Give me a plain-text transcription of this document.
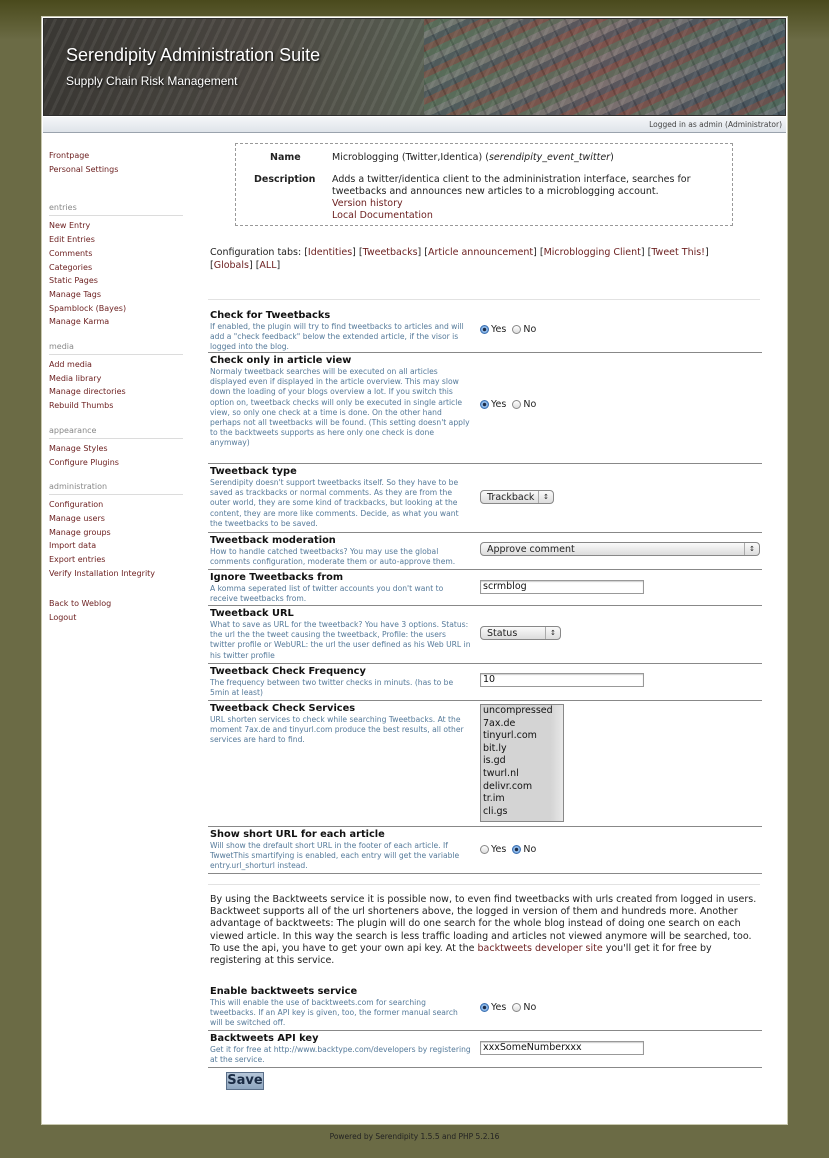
Serendipity Administration Suite
Supply Chain Risk Management
Logged in as admin (Administrator)
Frontpage
Personal Settings
entries
New Entry
Edit Entries
Comments
Categories
Static Pages
Manage Tags
Spamblock (Bayes)
Manage Karma
media
Add media
Media library
Manage directories
Rebuild Thumbs
appearance
Manage Styles
Configure Plugins
administration
Configuration
Manage users
Manage groups
Import data
Export entries
Verify Installation Integrity
Back to Weblog
Logout
Name	Microblogging (Twitter,Identica) (serendipity_event_twitter)
Description Adds a twitter/identica client to the admininistration interface, searches for tweetbacks and announces new articles to a microblogging account.
Version history
Local Documentation
Configuration tabs: [Identities] [Tweetbacks] [Article announcement] [Microblogging Client] [Tweet This!]
[Globals] [ALL]
Check for Tweetbacks
If enabled, the plugin will try to find tweetbacks to articles and will add a "check feedback" below the extended article, if the visor is logged into the blog.
Yes No
Check only in article view
Normaly tweetback searches will be executed on all articles displayed even if displayed in the article overview. This may slow down the loading of your blogs overview a lot. If you switch this option on, tweetback checks will only be executed in single article view, so only one check at a time is done. On the other hand perhaps not all tweetbacks will be found. (This setting doesn't apply to the backtweets supports as here only one check is done anymway)
Yes No
Tweetback type
Serendipity doesn't support tweetbacks itself. So they have to be saved as trackbacks or normal comments. As they are from the outer world, they are some kind of trackbacks, but looking at the content, they are more like comments. Decide, as what you want the tweetbacks to be saved.
Trackback	↕
Tweetback moderation
How to handle catched tweetbacks? You may use the global comments configuration, moderate them or auto-approve them.
Approve comment	↕
Ignore Tweetbacks from
A komma seperated list of twitter accounts you don't want to receive tweetbacks from.
scrmblog
Tweetback URL
What to save as URL for the tweetback? You have 3 options. Status: the url the the tweet causing the tweetback, Profile: the users twitter profile or WebURL: the url the user defined as his Web URL in his twitter profile
Status	↕
Tweetback Check Frequency
The frequency between two twitter checks in minuts. (has to be 5min at least)
10
Tweetback Check Services
URL shorten services to check while searching Tweetbacks. At the moment 7ax.de and tinyurl.com produce the best results, all other services are hard to find.
uncompressed
7ax.de
tinyurl.com
bit.ly
is.gd
twurl.nl
delivr.com
tr.im
cli.gs
Show short URL for each article
Will show the drefault short URL in the footer of each article. If TwwetThis smartifying is enabled, each entry will get the variable entry.url_shorturl instead.
Yes No
By using the Backtweets service it is possible now, to even find tweetbacks with urls created from logged in users. Backtweet supports all of the url shorteners above, the logged in version of them and hundreds more. Another advantage of backtweets: The plugin will do one search for the whole blog instead of doing one search on each viewed article. In this way the search is less traffic loading and articles not viewed anymore will be searched, too. To use the api, you have to get your own api key. At the backtweets developer site you'll get it for free by registering at this service.
Enable backtweets service
This will enable the use of backtweets.com for searching tweetbacks. If an API key is given, too, the former manual search will be switched off.
Yes No
Backtweets API key
Get it for free at http://www.backtype.com/developers by registering at the service.
xxxSomeNumberxxx
Save
Powered by Serendipity 1.5.5 and PHP 5.2.16
